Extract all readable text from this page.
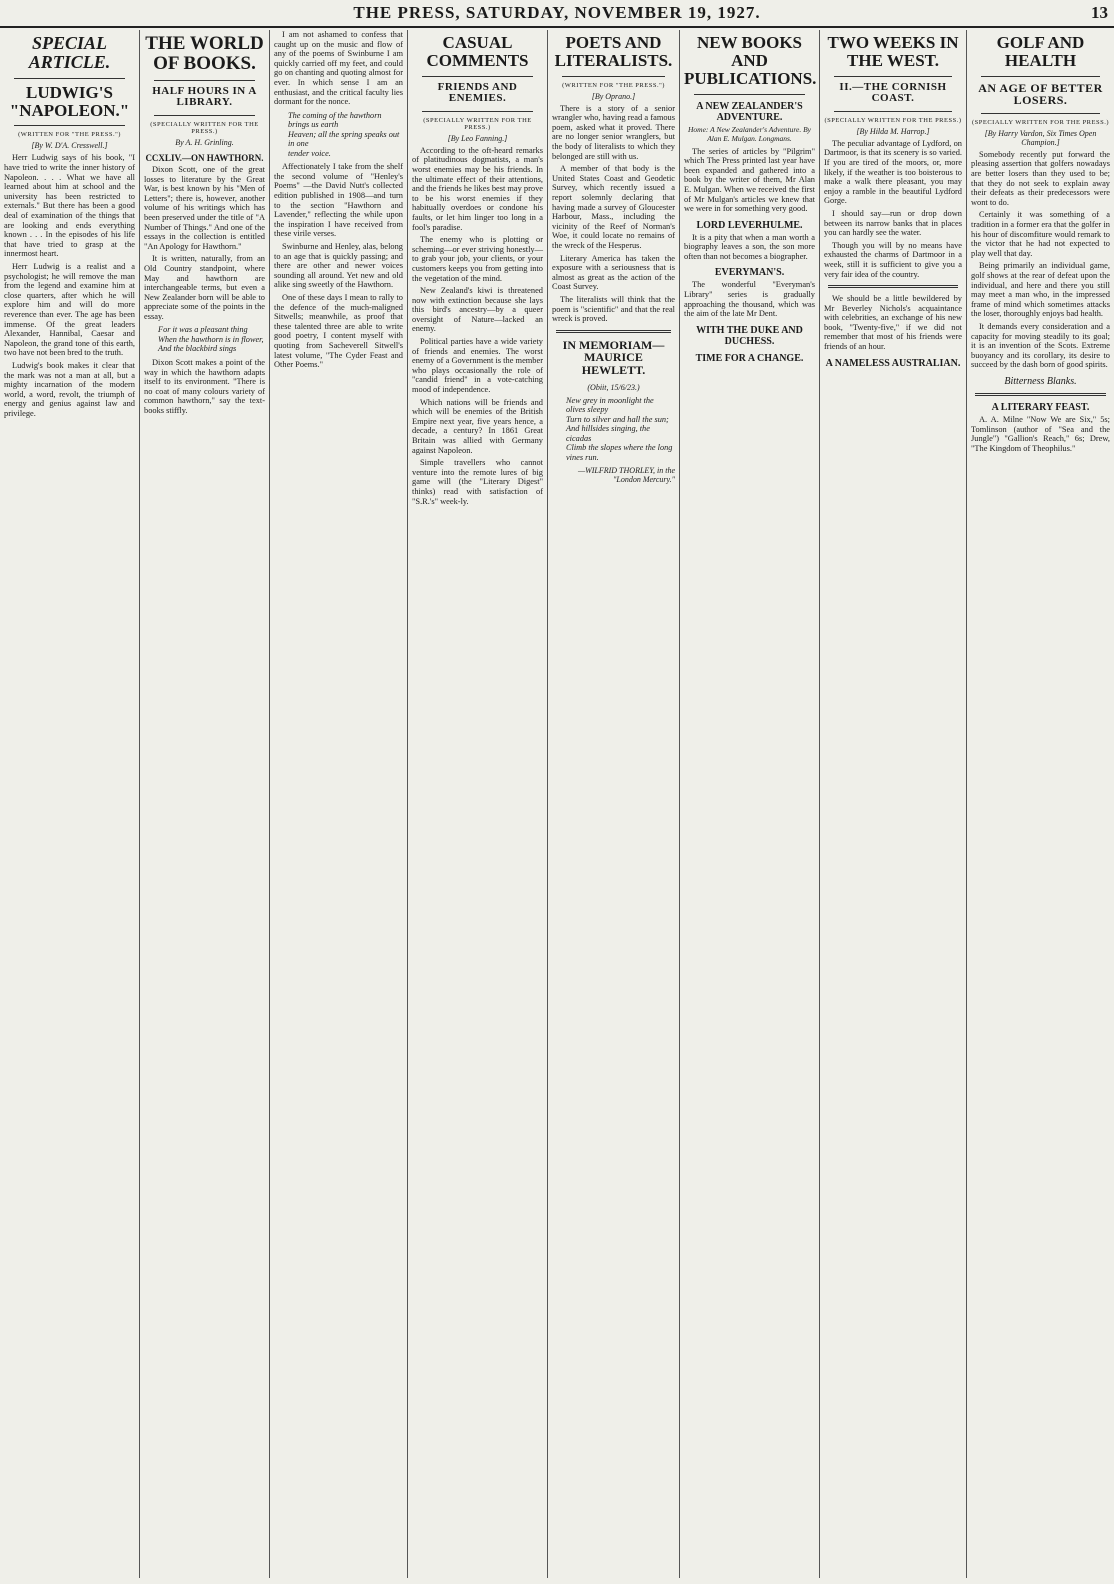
THE PRESS, SATURDAY, NOVEMBER 19, 1927.	13
SPECIAL ARTICLE.
LUDWIG'S "NAPOLEON."
(WRITTEN FOR "THE PRESS.")
[By W. D'A. Cresswell.]

Herr Ludwig says of his book, "I have tried to write the inner history of Napoleon. . . . What we have all learned about him at school and the university has been restricted to externals." But there has been a good deal of examination of the things that are looking and ends everything known . . . In the episodes of his life that have tried to grasp at the innermost heart.

Herr Ludwig is a realist and a psychologist; he will remove the man from the legend and examine him at close quarters, after which he will explore him and will do more reverence than ever. The age has been immense. Of the great leaders Alexander, Hannibal, Caesar and Napoleon, the grand tone of this earth, two have not been bred to the truth.

Ludwig's book makes it clear that the mark was not a man at all, but a mighty incarnation of the modern world, a word, revolt, the triumph of energy and genius against law and privilege.

THE WORLD OF BOOKS.
HALF HOURS IN A LIBRARY.
(SPECIALLY WRITTEN FOR THE PRESS.)
By A. H. Grinling.
CCXLIV.—ON HAWTHORN.

Dixon Scott, one of the great losses to literature by the Great War, is best known by his "Men of Letters"; there is, however, another volume of his writings which has been preserved under the title of "A Number of Things." And one of the essays in the collection is entitled "An Apology for Hawthorn."

It is written, naturally, from an Old Country standpoint, where May and hawthorn are interchangeable terms, but even a New Zealander born will be able to appreciate some of the points in the essay.

For it was a pleasant thing
When the hawthorn is in flower,
And the blackbird sings

Dixon Scott makes a point of the way in which the hawthorn adapts itself to its environment. "There is no coat of many colours variety of common hawthorn," say the text-books stiffly.

I am not ashamed to confess that caught up on the music and flow of any of the poems of Swinburne I am quickly carried off my feet, and could go on chanting and quoting almost for ever. In which sense I am an enthusiast, and the critical faculty lies dormant for the nonce.

The coming of the hawthorn brings us earth
Heaven; all the spring speaks out in one
tender voice.

Affectionately I take from the shelf the second volume of "Henley's Poems" —the David Nutt's collected edition published in 1908—and turn to the section "Hawthorn and Lavender," reflecting the while upon the inspiration I have received from these virile verses.

Swinburne and Henley, alas, belong to an age that is quickly passing; and there are other and newer voices sounding all around. Yet new and old alike sing sweetly of the Hawthorn.

One of these days I mean to rally to the defence of the much-maligned Sitwells; meanwhile, as proof that these talented three are able to write good poetry, I content myself with quoting from Sacheverell Sitwell's latest volume, "The Cyder Feast and Other Poems."

CASUAL COMMENTS
FRIENDS AND ENEMIES.
(SPECIALLY WRITTEN FOR THE PRESS.)
[By Leo Fanning.]

According to the oft-heard remarks of platitudinous dogmatists, a man's worst enemies may be his friends. In the ultimate effect of their attentions, and the friends he likes best may prove to be his worst enemies if they habitually overdoes or condone his faults, or let him linger too long in a fool's paradise.

The enemy who is plotting or scheming—or ever striving honestly—to grab your job, your clients, or your customers keeps you from getting into the vegetation of the mind.

New Zealand's kiwi is threatened now with extinction because she lays this bird's ancestry—by a queer oversight of Nature—lacked an enemy.

Political parties have a wide variety of friends and enemies. The worst enemy of a Government is the member who plays occasionally the role of "candid friend" in a vote-catching mood of independence.

Which nations will be friends and which will be enemies of the British Empire next year, five years hence, a decade, a century? In 1861 Great Britain was allied with Germany against Napoleon.

Simple travellers who cannot venture into the remote lures of big game will (the "Literary Digest" thinks) read with satisfaction of "S.R.'s" week-ly.

POETS AND LITERALISTS.
(WRITTEN FOR "THE PRESS.")
[By Oprano.]

There is a story of a senior wrangler who, having read a famous poem, asked what it proved. There are no longer senior wranglers, but the body of literalists to which they belonged are still with us.

A member of that body is the United States Coast and Geodetic Survey, which recently issued a report solemnly declaring that having made a survey of Gloucester Harbour, Mass., including the vicinity of the Reef of Norman's Woe, it could locate no remains of the wreck of the Hesperus.

Literary America has taken the exposure with a seriousness that is almost as great as the action of the Coast Survey.

The literalists will think that the poem is "scientific" and that the real wreck is proved.

IN MEMORIAM—MAURICE HEWLETT.
(Obiit, 15/6/23.)
New grey in moonlight the olives sleepy
Turn to silver and hall the sun;
And hillsides singing, the cicadas
Climb the slopes where the long
vines run.
—WILFRID THORLEY, in the "London Mercury."
NEW BOOKS AND PUBLICATIONS.
A NEW ZEALANDER'S ADVENTURE.
Home: A New Zealander's Adventure. By Alan E. Mulgan. Longmans.

The series of articles by "Pilgrim" which The Press printed last year have been expanded and gathered into a book by the writer of them, Mr Alan E. Mulgan. When we received the first of Mr Mulgan's articles we knew that we were in for something very good.

LORD LEVERHULME.

It is a pity that when a man worth a biography leaves a son, the son more often than not becomes a biographer.

EVERYMAN'S.

The wonderful "Everyman's Library" series is gradually approaching the thousand, which was the aim of the late Mr Dent.

WITH THE DUKE AND DUCHESS.
TIME FOR A CHANGE.
TWO WEEKS IN THE WEST.
II.—THE CORNISH COAST.
(SPECIALLY WRITTEN FOR THE PRESS.)
[By Hilda M. Harrop.]

The peculiar advantage of Lydford, on Dartmoor, is that its scenery is so varied. If you are tired of the moors, or, more likely, if the weather is too boisterous to make a walk there pleasant, you may enjoy a ramble in the beautiful Lydford Gorge.

I should say—run or drop down between its narrow banks that in places you can hardly see the water.

Though you will by no means have exhausted the charms of Dartmoor in a week, still it is sufficient to give you a very fair idea of the country.

We should be a little bewildered by Mr Beverley Nichols's acquaintance with celebrities, an exchange of his new book, "Twenty-five," if we did not remember that most of his friends were friends of an hour.

A NAMELESS AUSTRALIAN.
GOLF AND HEALTH
AN AGE OF BETTER LOSERS.
(SPECIALLY WRITTEN FOR THE PRESS.)
[By Harry Vardon, Six Times Open Champion.]

Somebody recently put forward the pleasing assertion that golfers nowadays are better losers than they used to be; that they do not seek to explain away their defeats as their predecessors were wont to do.

Certainly it was something of a tradition in a former era that the golfer in his hour of discomfiture would remark to the victor that he had not expected to play well that day.

Being primarily an individual game, golf shows at the rear of defeat upon the individual, and here and there you still may meet a man who, in the impressed frame of mind which sometimes attacks the loser, thoroughly enjoys bad health.

It demands every consideration and a capacity for moving steadily to its goal; it is an invention of the Scots. Extreme buoyancy and its corollary, its desire to succeed by the dash born of good spirits.

Bitterness Blanks.
A LITERARY FEAST.

A. A. Milne "Now We are Six," 5s; Tomlinson (author of "Sea and the Jungle") "Gallion's Reach," 6s; Drew, "The Kingdom of Theophilus."
